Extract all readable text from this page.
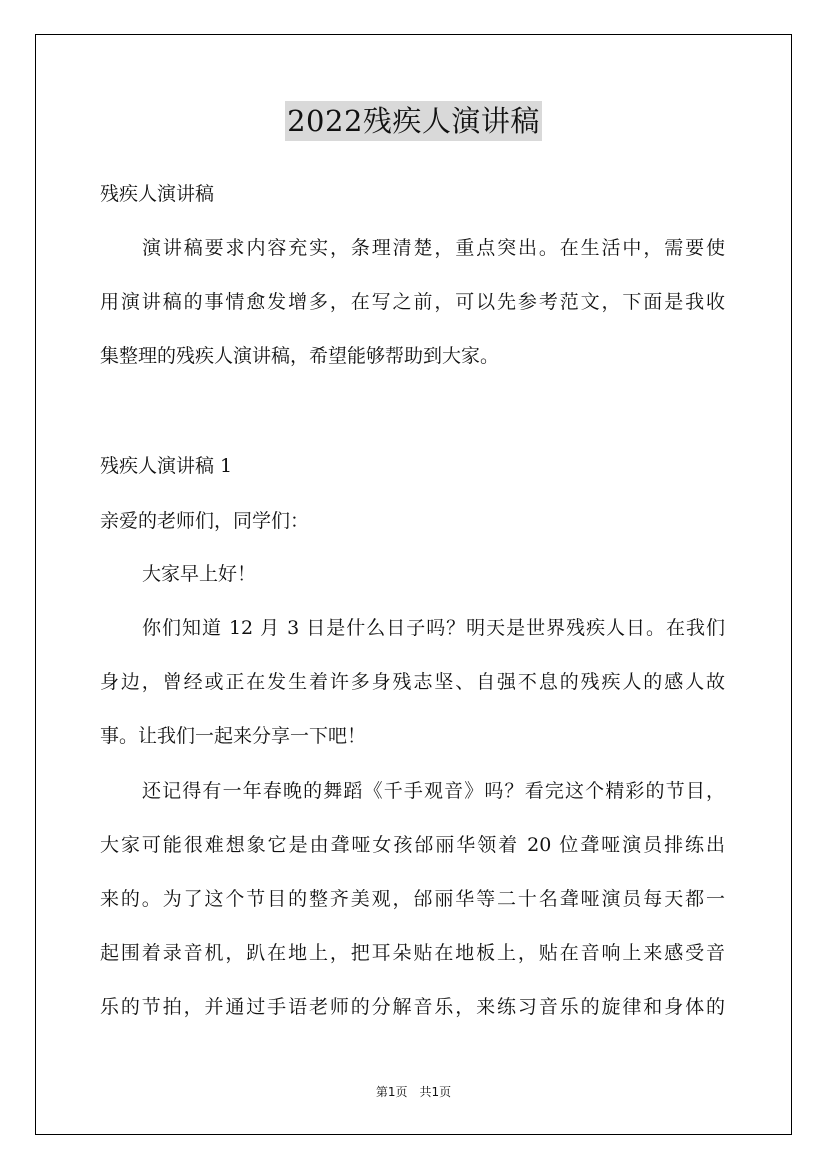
2022残疾人演讲稿
残疾人演讲稿
演讲稿要求内容充实，条理清楚，重点突出。在生活中，需要使
用演讲稿的事情愈发增多，在写之前，可以先参考范文，下面是我收
集整理的残疾人演讲稿，希望能够帮助到大家。
残疾人演讲稿 1
亲爱的老师们，同学们：
大家早上好！
你们知道 12 月 3 日是什么日子吗？明天是世界残疾人日。在我们
身边，曾经或正在发生着许多身残志坚、自强不息的残疾人的感人故
事。让我们一起来分享一下吧！
还记得有一年春晚的舞蹈《千手观音》吗？看完这个精彩的节目，
大家可能很难想象它是由聋哑女孩邰丽华领着 20 位聋哑演员排练出
来的。为了这个节目的整齐美观，邰丽华等二十名聋哑演员每天都一
起围着录音机，趴在地上，把耳朵贴在地板上，贴在音响上来感受音
乐的节拍，并通过手语老师的分解音乐，来练习音乐的旋律和身体的
第1页　共1页
